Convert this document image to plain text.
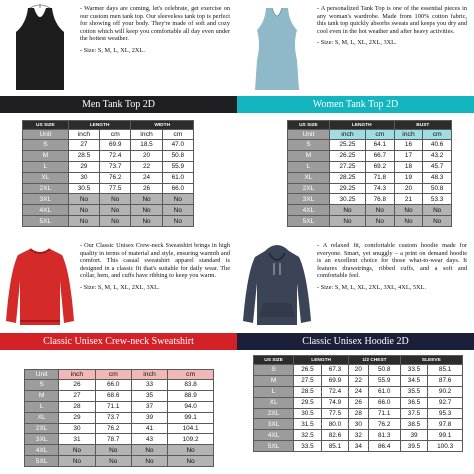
- Warmer days are coming, let's celebrate, get exercise on our custom men tank top. Our sleeveless tank top is perfect for showing off your body. They're made of soft and cozy cotton which will keep you comfortable all day even under the hottest weather.

- Size: S, M, L, XL, 2XL.

Men Tank Top 2D
US SIZE	LENGTH		WIDTH	
Unit	inch	cm	inch	cm
S	27	69.9	18.5	47.0
M	28.5	72.4	20	50.8
L	29	73.7	22	55.9
XL	30	76.2	24	61.0
2XL	30.5	77.5	26	66.0
3XL	No	No	No	No
4XL	No	No	No	No
5XL	No	No	No	No

- A personalized Tank Top is one of the essential pieces in any woman's wardrobe. Made from 100% cotton fabric, this tank top quickly absorbs sweats and keeps you dry and cool even in the hot weather and after heavy activities.

- Size: S, M, L, XL, 2XL, 3XL.

Women Tank Top 2D
US SIZE	LENGTH		BUST	
Unit	inch	cm	inch	cm
S	25.25	64.1	16	40.6
M	26.25	66.7	17	43.2
L	27.25	69.2	18	45.7
XL	28.25	71.8	19	48.3
2XL	29.25	74.3	20	50.8
3XL	30.25	76.8	21	53.3
4XL	No	No	No	No
5XL	No	No	No	No

- Our Classic Unisex Crew-neck Sweatshirt brings in high quality in terms of material and style, ensuring warmth and comfort. This casual sweatshirt apparel standard is designed in a classic fit that's suitable for daily wear. The collar, hem, and cuffs have ribbing to keep you warm.

- Size: S, M, L, XL, 2XL, 3XL.

Classic Unisex Crew-neck Sweatshirt
Unit	inch	cm	inch	cm
S	26	66.0	33	83.8
M	27	68.6	35	88.9
L	28	71.1	37	94.0
XL	29	73.7	39	99.1
2XL	30	76.2	41	104.1
3XL	31	78.7	43	109.2
4XL	No	No	No	No
5XL	No	No	No	No

- A relaxed fit, comfortable custom hoodie made for everyone. Smart, yet snuggly – a print on demand hoodie is an excellent choice for those what-to-wear days. It features drawstrings, ribbed cuffs, and a soft and comfortable feel.

- Size: S, M, L, XL, 2XL, 3XL, 4XL, 5XL.

Classic Unisex Hoodie 2D
US SIZE	LENGTH		1/2 CHEST		SLEEVE	
S	26.5	67.3	20	50.8	33.5	85.1
M	27.5	69.9	22	55.9	34.5	87.6
L	28.5	72.4	24	61.0	35.5	90.2
XL	29.5	74.9	26	66.0	36.5	92.7
2XL	30.5	77.5	28	71.1	37.5	95.3
3XL	31.5	80.0	30	76.2	38.5	97.8
4XL	32.5	82.6	32	81.3	39	99.1
5XL	33.5	85.1	34	86.4	39.5	100.3
